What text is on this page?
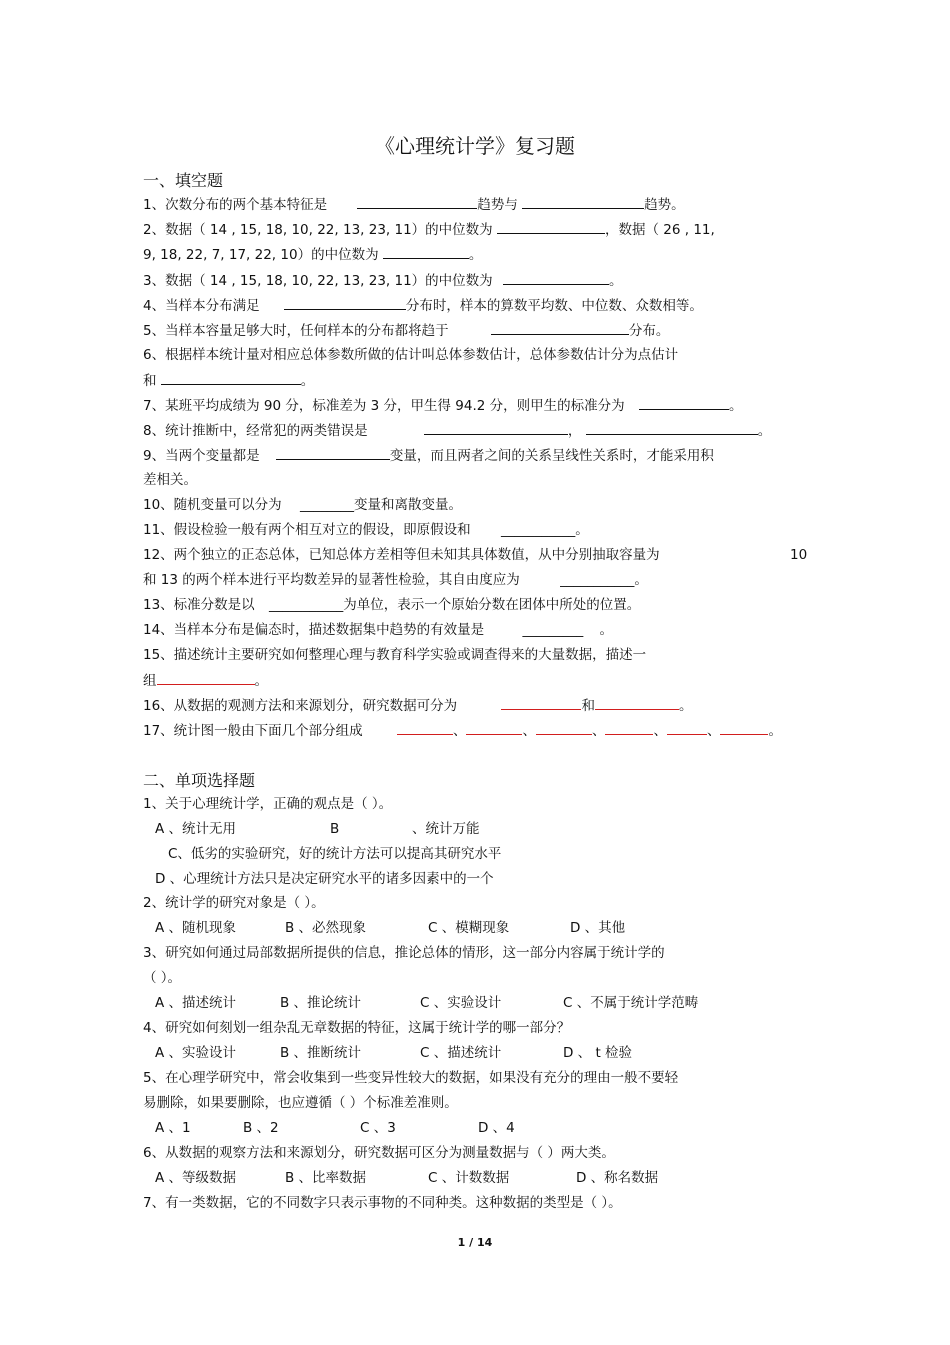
《心理统计学》复习题
一、填空题
1、次数分布的两个基本特征是	趋势与	趋势。
2、数据（ 14 , 15, 18, 10, 22, 13, 23, 11）的中位数为	，数据（ 26 , 11,
9, 18, 22, 7, 17, 22, 10）的中位数为	。
3、数据（ 14 , 15, 18, 10, 22, 13, 23, 11）的中位数为	。
4、当样本分布满足	分布时，样本的算数平均数、中位数、众数相等。
5、当样本容量足够大时，任何样本的分布都将趋于	分布。
6、根据样本统计量对相应总体参数所做的估计叫总体参数估计，总体参数估计分为点估计
和	。
7、某班平均成绩为 90 分，标准差为 3 分，甲生得 94.2 分，则甲生的标准分为	。
8、统计推断中，经常犯的两类错误是	，	。
9、当两个变量都是	变量，而且两者之间的关系呈线性关系时，才能采用积
差相关。
10、随机变量可以分为 ________变量和离散变量。
11、假设检验一般有两个相互对立的假设，即原假设和 ___________。
12、两个独立的正态总体，已知总体方差相等但未知其具体数值，从中分别抽取容量为	10
和 13 的两个样本进行平均数差异的显著性检验，其自由度应为	___________。
13、标准分数是以 ___________为单位，表示一个原始分数在团体中所处的位置。
14、当样本分布是偏态时，描述数据集中趋势的有效量是	_________ 。
15、描述统计主要研究如何整理心理与教育科学实验或调查得来的大量数据，描述一
组	。
16、从数据的观测方法和来源划分，研究数据可分为	和	。
17、统计图一般由下面几个部分组成	、	、	、	、	、	。
二、单项选择题
1、关于心理统计学，正确的观点是（ ）。
A 、统计无用	B	、统计万能
C、低劣的实验研究，好的统计方法可以提高其研究水平
D 、心理统计方法只是决定研究水平的诸多因素中的一个
2、统计学的研究对象是（ ）。
A 、随机现象	B 、必然现象	C 、模糊现象	D 、其他
3、研究如何通过局部数据所提供的信息，推论总体的情形，这一部分内容属于统计学的
（ ）。
A 、描述统计	B 、推论统计	C 、实验设计	C 、不属于统计学范畴
4、研究如何刻划一组杂乱无章数据的特征，这属于统计学的哪一部分？
A 、实验设计	B 、推断统计	C 、描述统计	D 、 t 检验
5、在心理学研究中，常会收集到一些变异性较大的数据，如果没有充分的理由一般不要轻
易删除，如果要删除，也应遵循（ ）个标准差准则。
A 、1	B 、2	C 、3	D 、4
6、从数据的观察方法和来源划分，研究数据可区分为测量数据与（ ）两大类。
A 、等级数据	B 、比率数据	C 、计数数据	D 、称名数据
7、有一类数据，它的不同数字只表示事物的不同种类。这种数据的类型是（ ）。
1 / 14
